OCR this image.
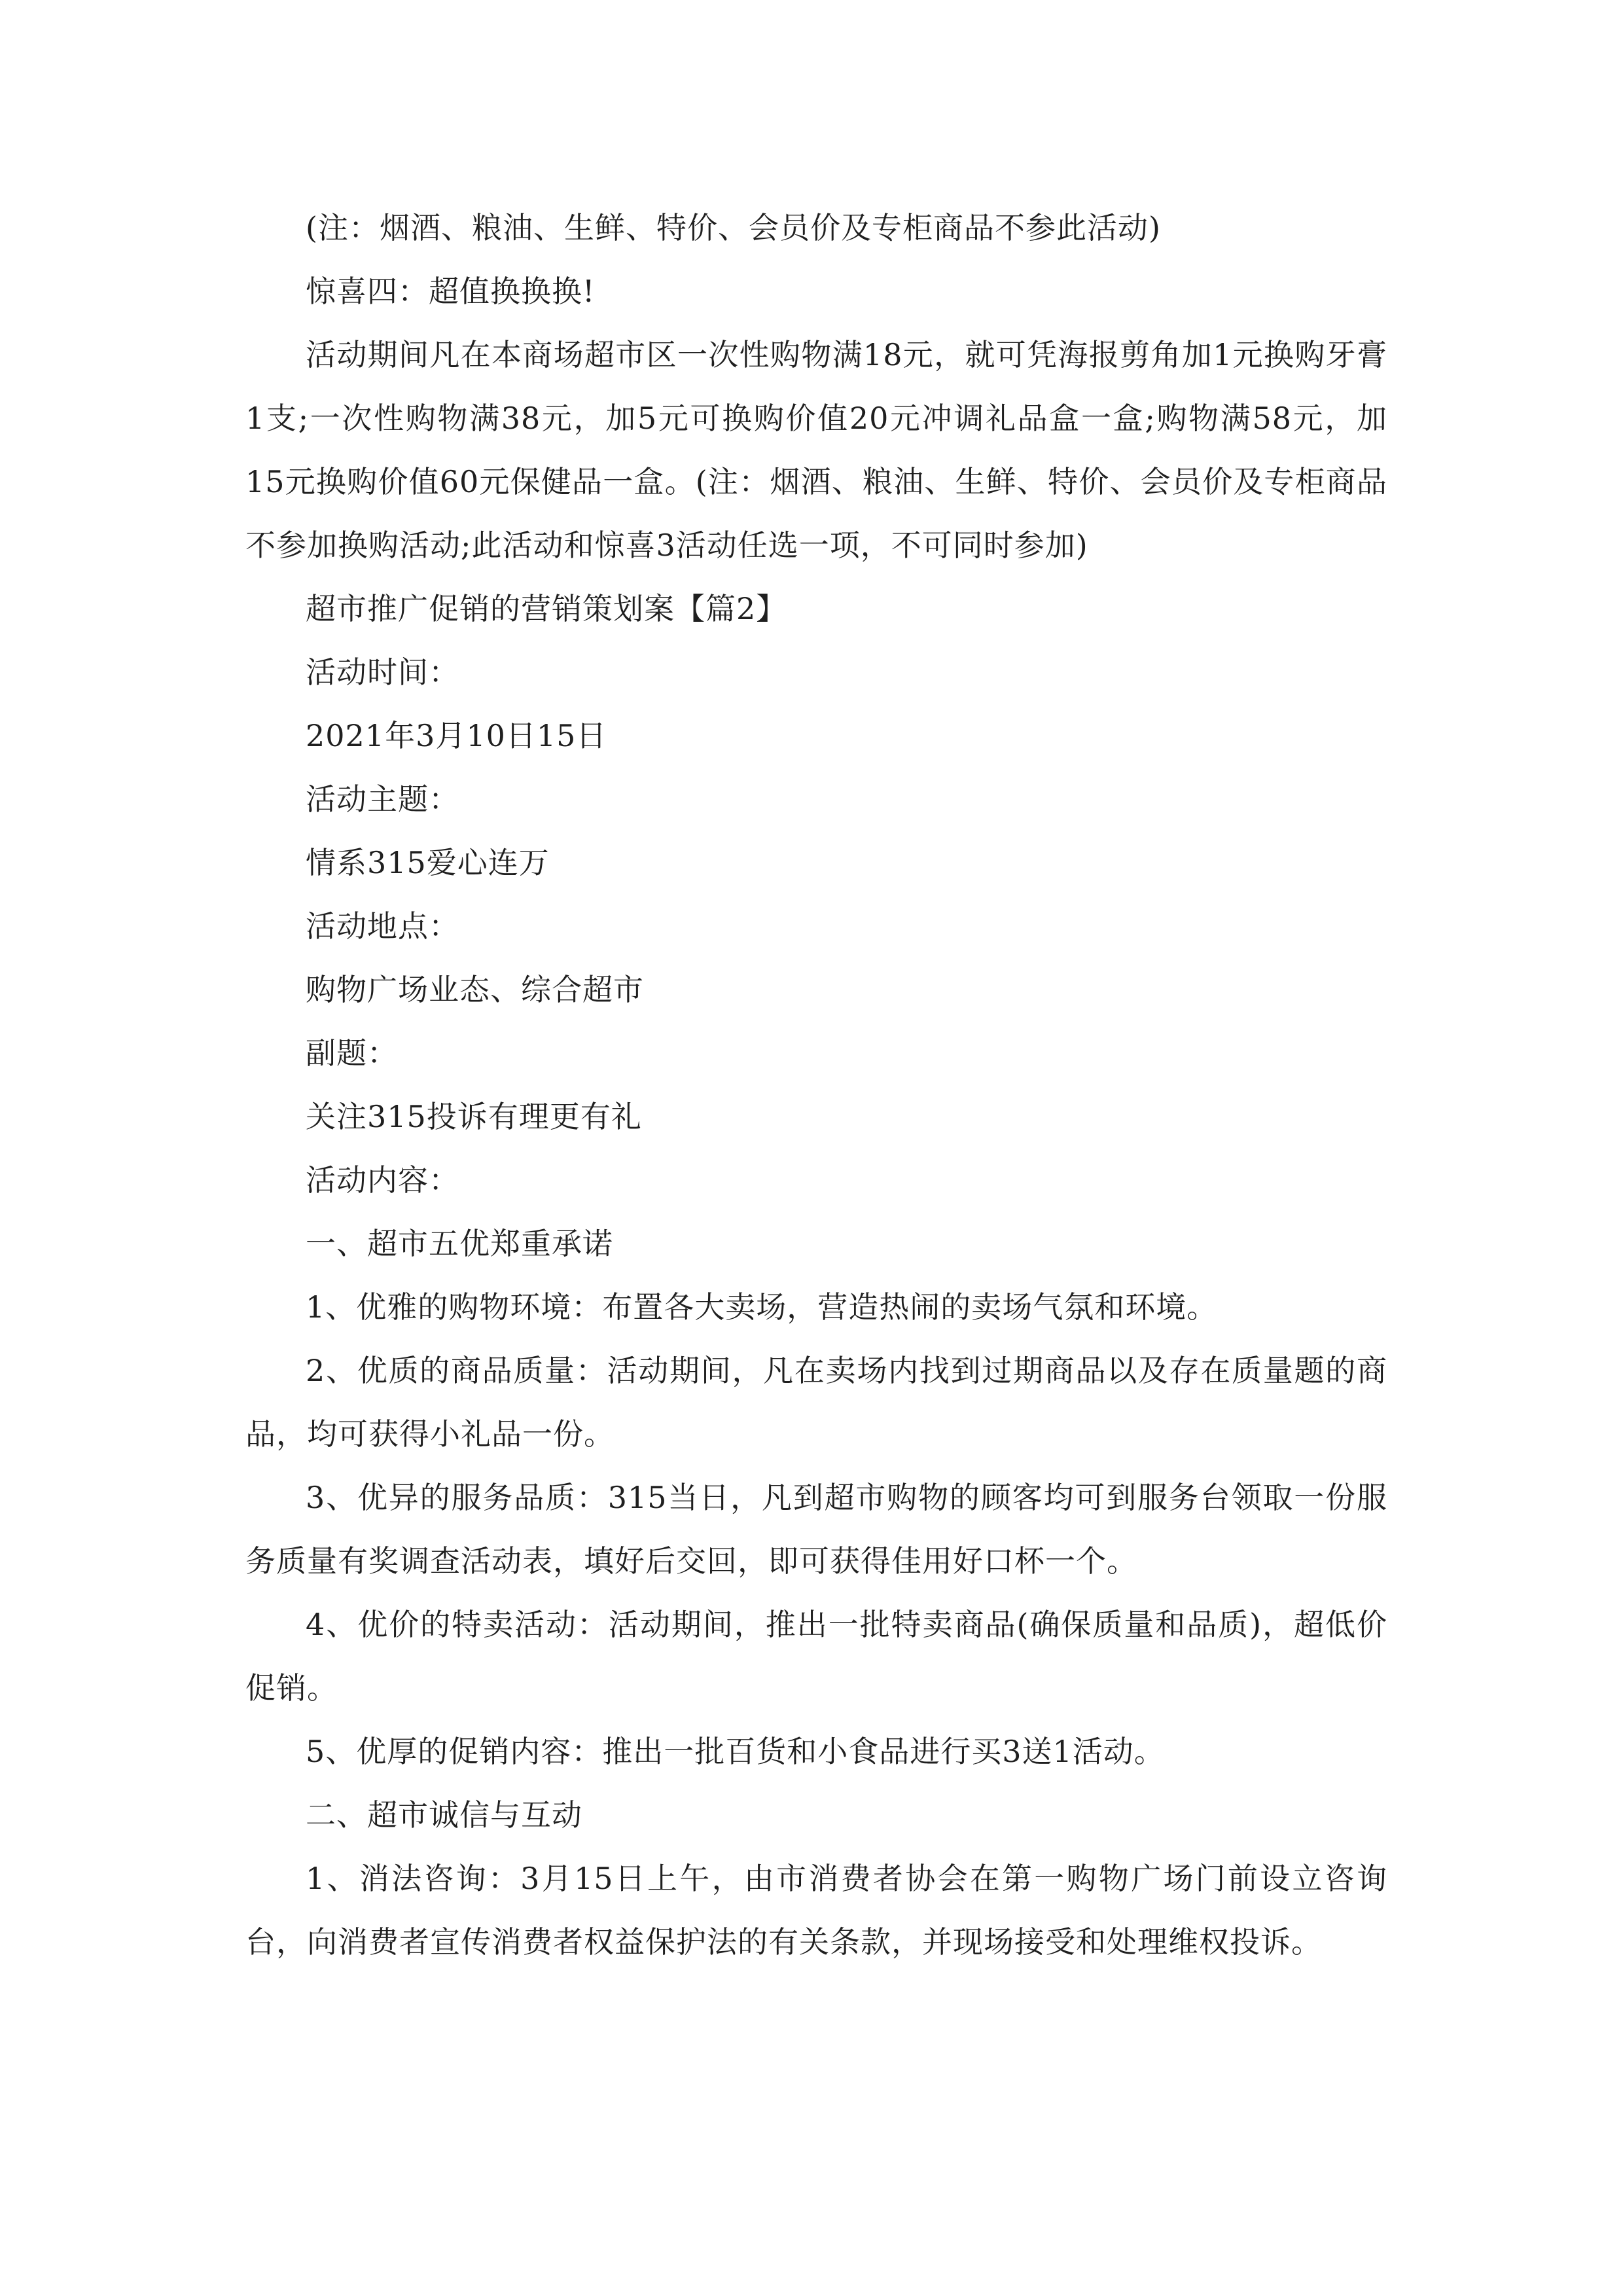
(注：烟酒、粮油、生鲜、特价、会员价及专柜商品不参此活动)

惊喜四：超值换换换!

活动期间凡在本商场超市区一次性购物满18元，就可凭海报剪角加1元换购牙膏1支;一次性购物满38元，加5元可换购价值20元冲调礼品盒一盒;购物满58元，加15元换购价值60元保健品一盒。(注：烟酒、粮油、生鲜、特价、会员价及专柜商品不参加换购活动;此活动和惊喜3活动任选一项，不可同时参加)

超市推广促销的营销策划案【篇2】

活动时间：

2021年3月10日15日

活动主题：

情系315爱心连万

活动地点：

购物广场业态、综合超市

副题：

关注315投诉有理更有礼

活动内容：

一、超市五优郑重承诺

1、优雅的购物环境：布置各大卖场，营造热闹的卖场气氛和环境。

2、优质的商品质量：活动期间，凡在卖场内找到过期商品以及存在质量题的商品，均可获得小礼品一份。

3、优异的服务品质：315当日，凡到超市购物的顾客均可到服务台领取一份服务质量有奖调查活动表，填好后交回，即可获得佳用好口杯一个。

4、优价的特卖活动：活动期间，推出一批特卖商品(确保质量和品质)，超低价促销。

5、优厚的促销内容：推出一批百货和小食品进行买3送1活动。

二、超市诚信与互动

1、消法咨询：3月15日上午，由市消费者协会在第一购物广场门前设立咨询台，向消费者宣传消费者权益保护法的有关条款，并现场接受和处理维权投诉。
